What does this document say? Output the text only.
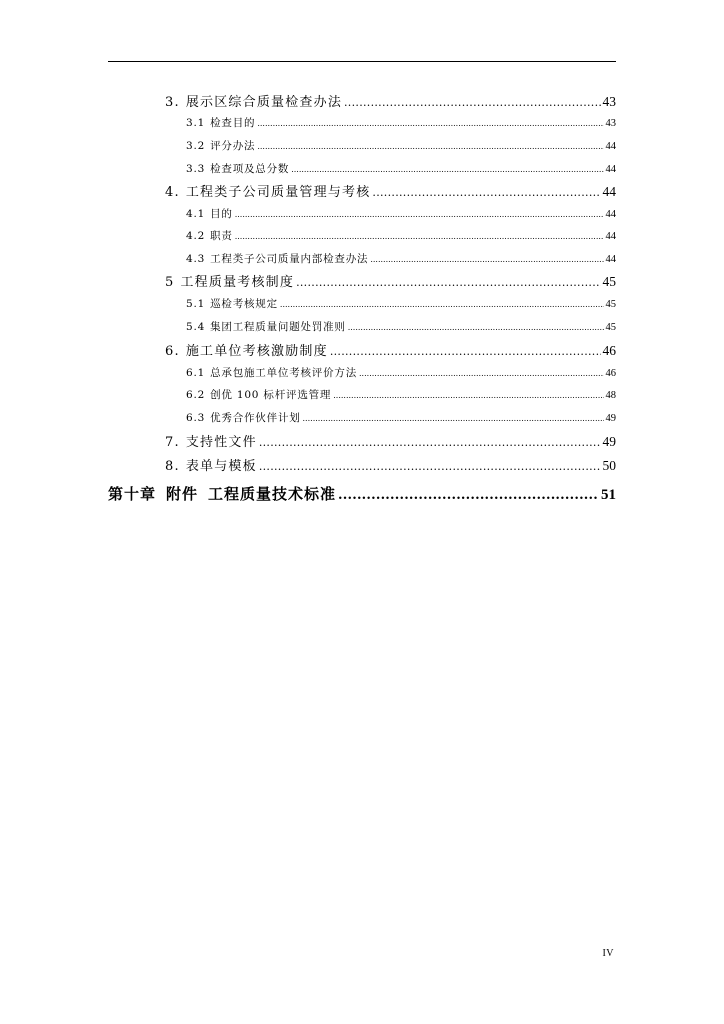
3. 展示区综合质量检查办法 .....	43
3.1 检查目的 .....	43
3.2 评分办法 .....	44
3.3 检查项及总分数 .....	44
4. 工程类子公司质量管理与考核 .....	44
4.1 目的 .....	44
4.2 职责 .....	44
4.3 工程类子公司质量内部检查办法 .....	44
5 工程质量考核制度 .....	45
5.1 巡检考核规定 .....	45
5.4 集团工程质量问题处罚准则 .....	45
6. 施工单位考核激励制度 .....	46
6.1 总承包施工单位考核评价方法 .....	46
6.2 创优 100 标杆评选管理 .....	48
6.3 优秀合作伙伴计划 .....	49
7. 支持性文件 .....	49
8. 表单与模板 .....	50
第十章 附件 工程质量技术标准 .....	51
IV
